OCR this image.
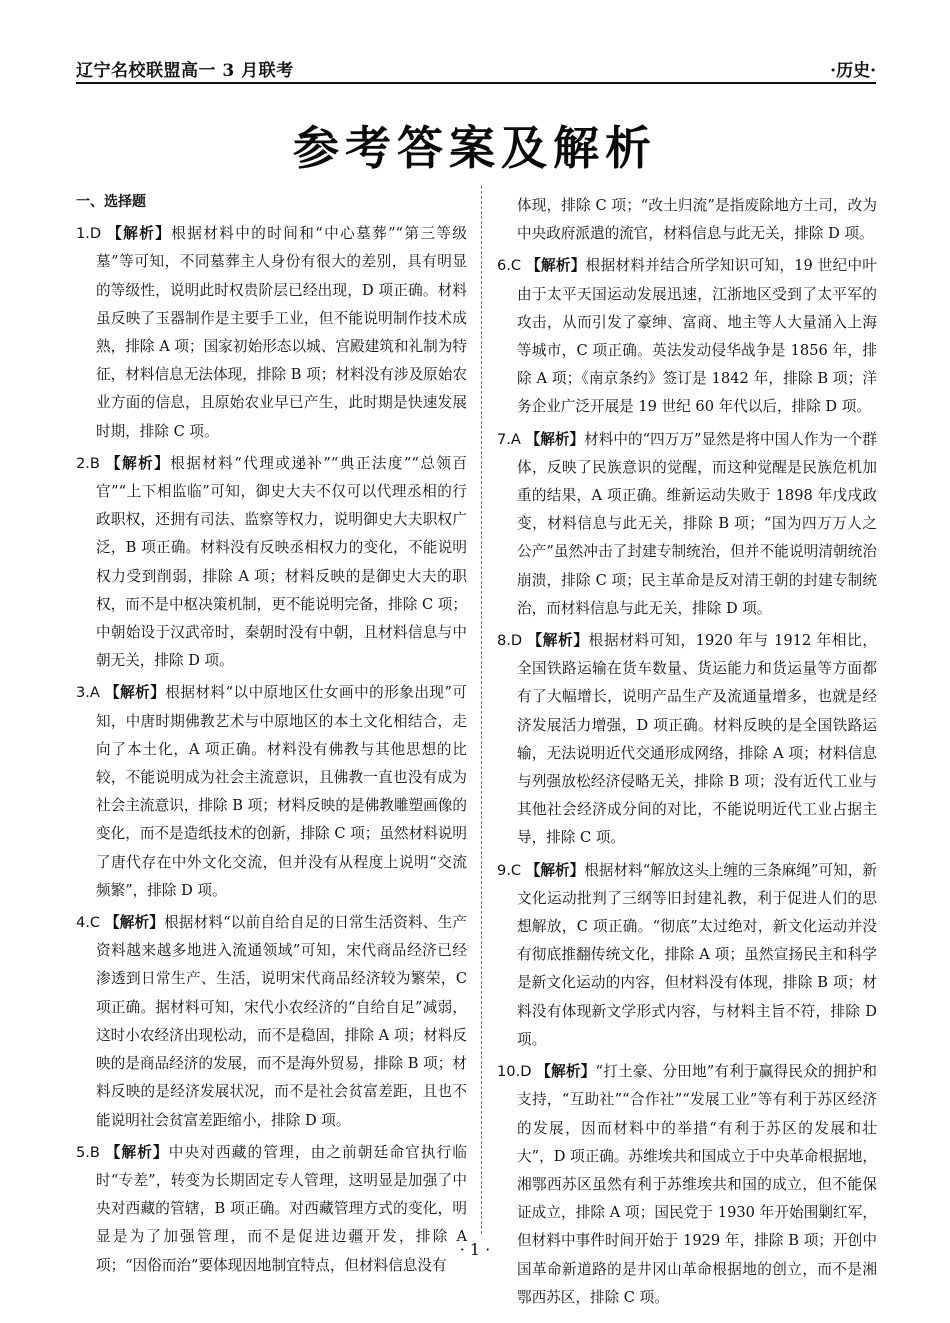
辽宁名校联盟高一 3 月联考	·历史·
参考答案及解析
一、选择题
1.D 【解析】根据材料中的时间和“中心墓葬”“第三等级墓”等可知，不同墓葬主人身份有很大的差别，具有明显的等级性，说明此时权贵阶层已经出现，D 项正确。材料虽反映了玉器制作是主要手工业，但不能说明制作技术成熟，排除 A 项；国家初始形态以城、宫殿建筑和礼制为特征，材料信息无法体现，排除 B 项；材料没有涉及原始农业方面的信息，且原始农业早已产生，此时期是快速发展时期，排除 C 项。
2.B 【解析】根据材料“代理或递补”“典正法度”“总领百官”“上下相监临”可知，御史大夫不仅可以代理丞相的行政职权，还拥有司法、监察等权力，说明御史大夫职权广泛，B 项正确。材料没有反映丞相权力的变化，不能说明权力受到削弱，排除 A 项；材料反映的是御史大夫的职权，而不是中枢决策机制，更不能说明完备，排除 C 项；中朝始设于汉武帝时，秦朝时没有中朝，且材料信息与中朝无关，排除 D 项。
3.A 【解析】根据材料“以中原地区仕女画中的形象出现”可知，中唐时期佛教艺术与中原地区的本土文化相结合，走向了本土化，A 项正确。材料没有佛教与其他思想的比较，不能说明成为社会主流意识，且佛教一直也没有成为社会主流意识，排除 B 项；材料反映的是佛教雕塑画像的变化，而不是造纸技术的创新，排除 C 项；虽然材料说明了唐代存在中外文化交流，但并没有从程度上说明“交流频繁”，排除 D 项。
4.C 【解析】根据材料“以前自给自足的日常生活资料、生产资料越来越多地进入流通领域”可知，宋代商品经济已经渗透到日常生产、生活，说明宋代商品经济较为繁荣，C 项正确。据材料可知，宋代小农经济的“自给自足”减弱，这时小农经济出现松动，而不是稳固，排除 A 项；材料反映的是商品经济的发展，而不是海外贸易，排除 B 项；材料反映的是经济发展状况，而不是社会贫富差距，且也不能说明社会贫富差距缩小，排除 D 项。
5.B 【解析】中央对西藏的管理，由之前朝廷命官执行临时“专差”，转变为长期固定专人管理，这明显是加强了中央对西藏的管辖，B 项正确。对西藏管理方式的变化，明显是为了加强管理，而不是促进边疆开发，排除 A 项；“因俗而治”要体现因地制宜特点，但材料信息没有
体现，排除 C 项；“改土归流”是指废除地方土司，改为中央政府派遣的流官，材料信息与此无关，排除 D 项。
6.C 【解析】根据材料并结合所学知识可知，19 世纪中叶由于太平天国运动发展迅速，江浙地区受到了太平军的攻击，从而引发了豪绅、富商、地主等人大量涌入上海等城市，C 项正确。英法发动侵华战争是 1856 年，排除 A 项；《南京条约》签订是 1842 年，排除 B 项；洋务企业广泛开展是 19 世纪 60 年代以后，排除 D 项。
7.A 【解析】材料中的“四万万”显然是将中国人作为一个群体，反映了民族意识的觉醒，而这种觉醒是民族危机加重的结果，A 项正确。维新运动失败于 1898 年戊戌政变，材料信息与此无关，排除 B 项；“国为四万万人之公产”虽然冲击了封建专制统治，但并不能说明清朝统治崩溃，排除 C 项；民主革命是反对清王朝的封建专制统治，而材料信息与此无关，排除 D 项。
8.D 【解析】根据材料可知，1920 年与 1912 年相比，全国铁路运输在货车数量、货运能力和货运量等方面都有了大幅增长，说明产品生产及流通量增多，也就是经济发展活力增强，D 项正确。材料反映的是全国铁路运输，无法说明近代交通形成网络，排除 A 项；材料信息与列强放松经济侵略无关，排除 B 项；没有近代工业与其他社会经济成分间的对比，不能说明近代工业占据主导，排除 C 项。
9.C 【解析】根据材料“解放这头上缠的三条麻绳”可知，新文化运动批判了三纲等旧封建礼教，利于促进人们的思想解放，C 项正确。“彻底”太过绝对，新文化运动并没有彻底推翻传统文化，排除 A 项；虽然宣扬民主和科学是新文化运动的内容，但材料没有体现，排除 B 项；材料没有体现新文学形式内容，与材料主旨不符，排除 D 项。
10.D 【解析】“打土豪、分田地”有利于赢得民众的拥护和支持，“互助社”“合作社”“发展工业”等有利于苏区经济的发展，因而材料中的举措“有利于苏区的发展和壮大”，D 项正确。苏维埃共和国成立于中央革命根据地，湘鄂西苏区虽然有利于苏维埃共和国的成立，但不能保证成立，排除 A 项；国民党于 1930 年开始围剿红军，但材料中事件时间开始于 1929 年，排除 B 项；开创中国革命新道路的是井冈山革命根据地的创立，而不是湘鄂西苏区，排除 C 项。
· 1 ·
